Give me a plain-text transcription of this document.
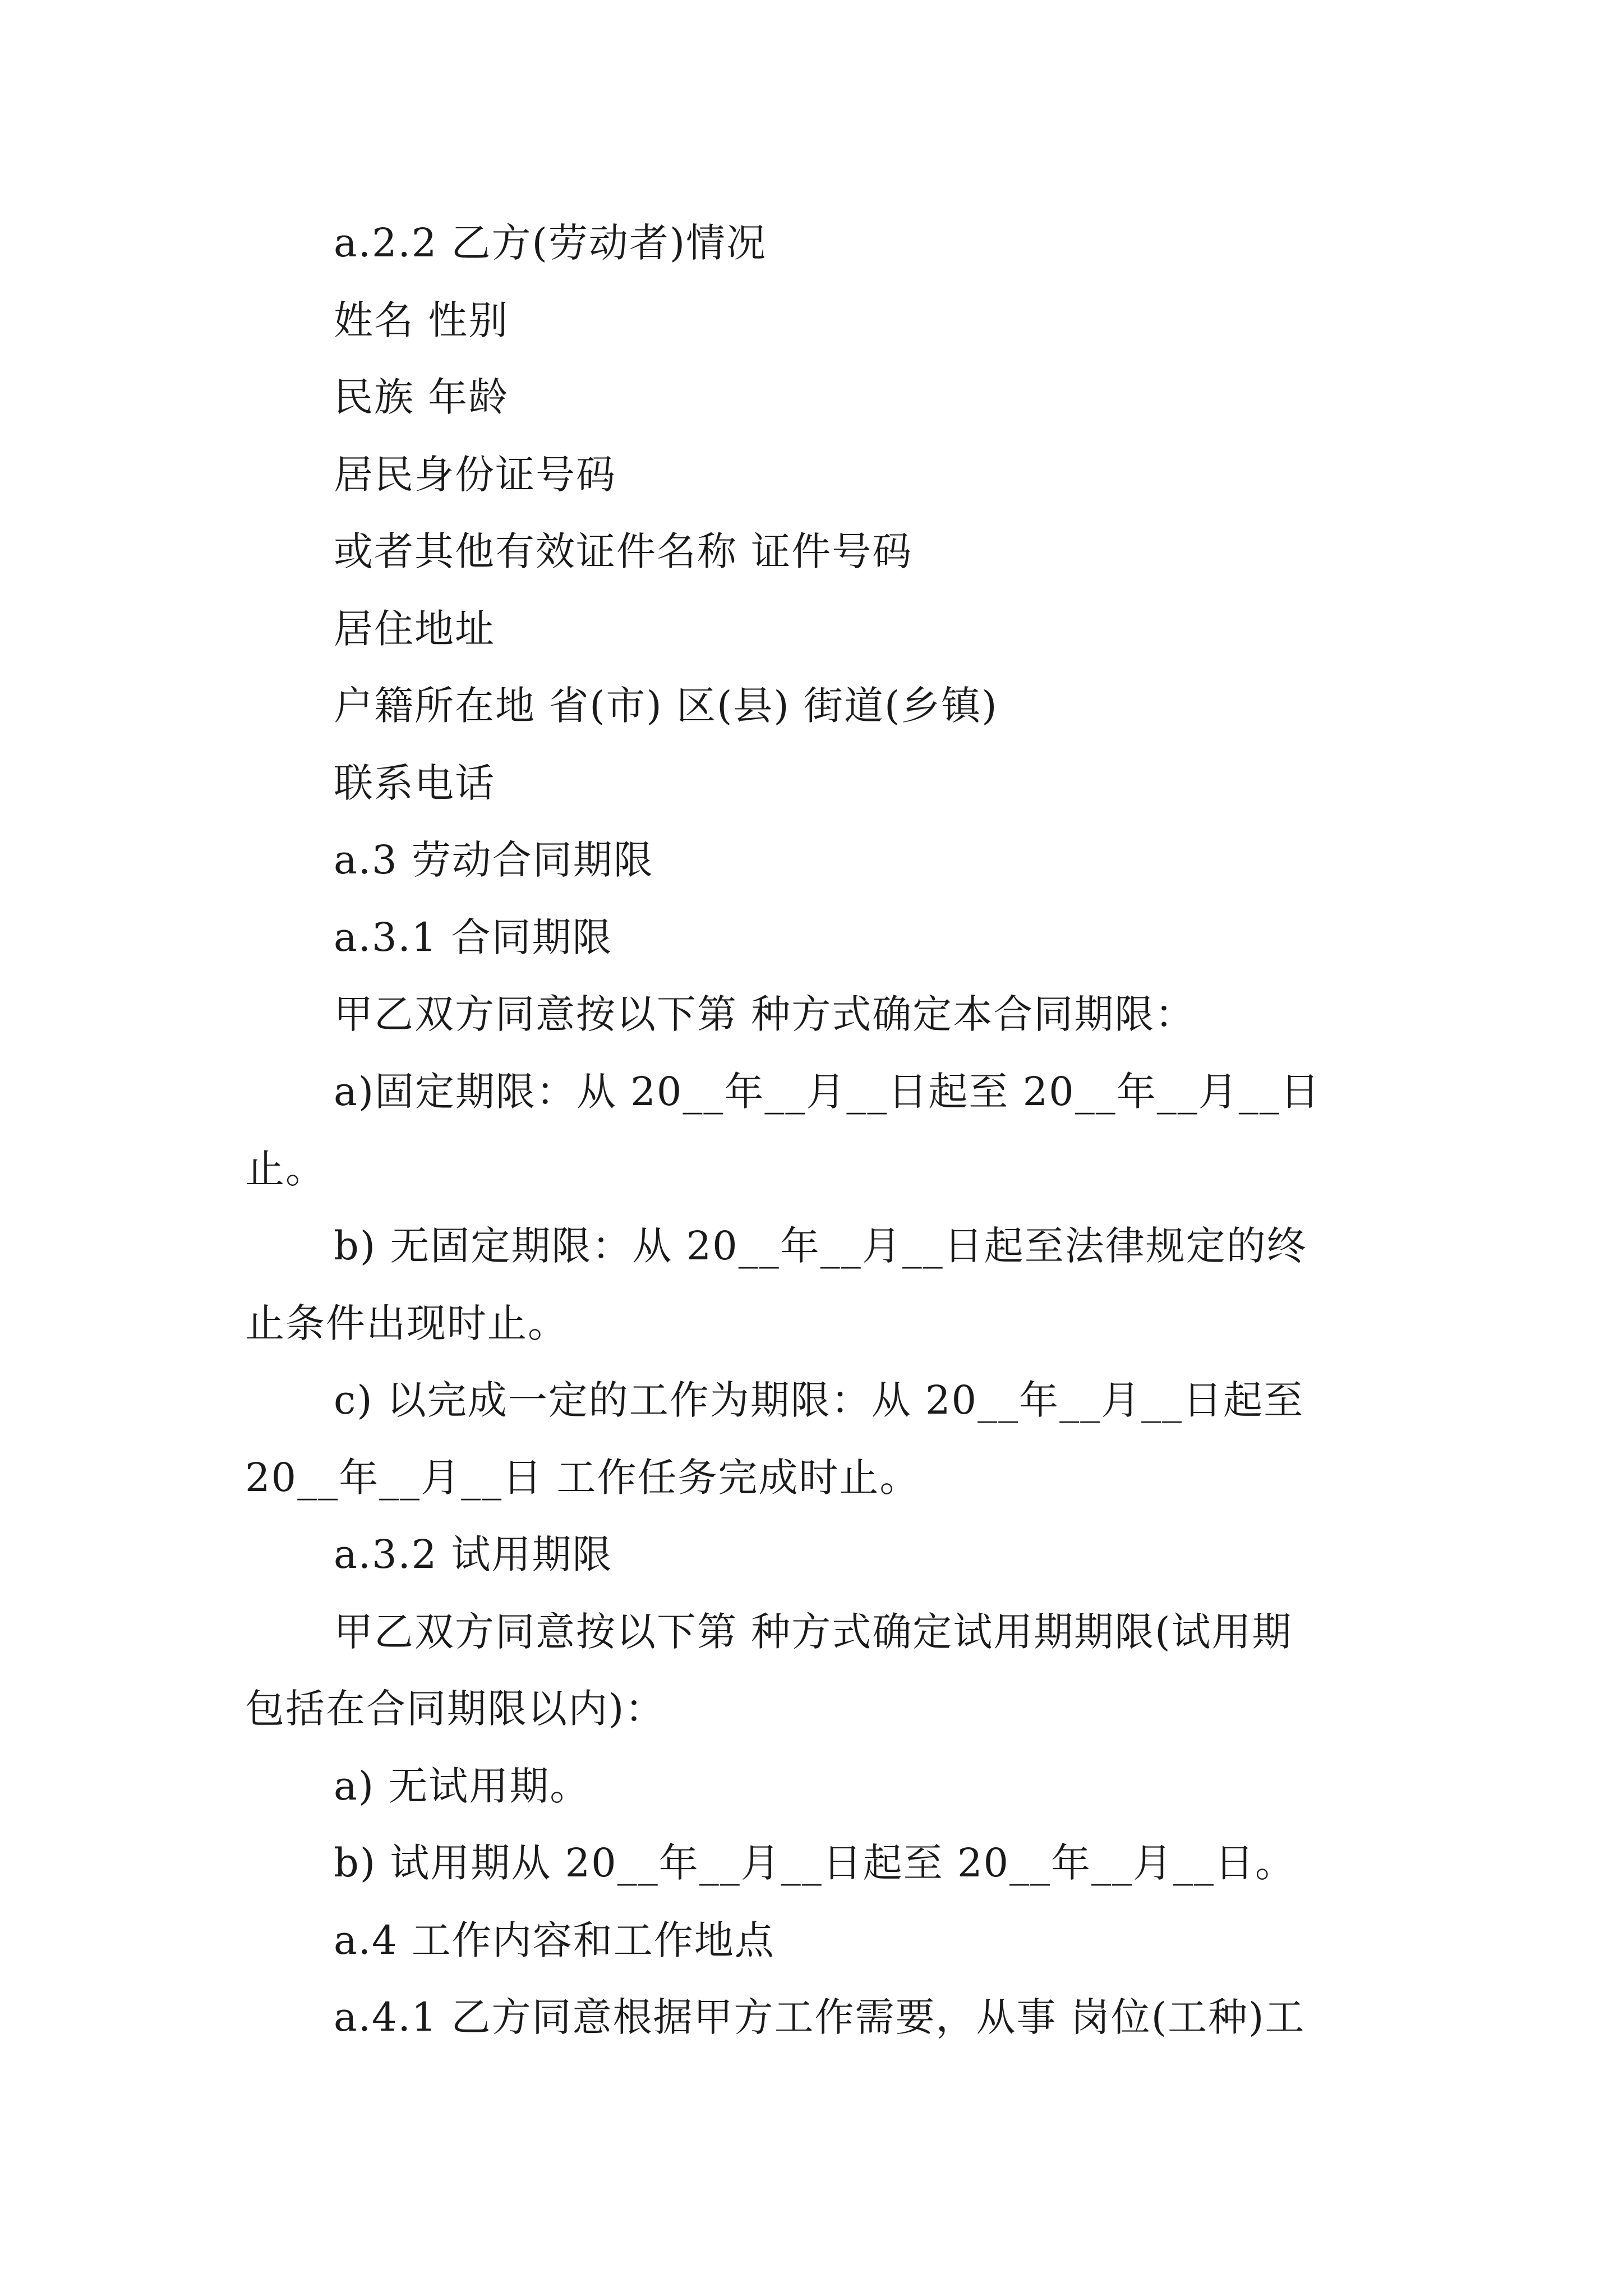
a.2.2 乙方(劳动者)情况
姓名 性别
民族 年龄
居民身份证号码
或者其他有效证件名称 证件号码
居住地址
户籍所在地 省(市) 区(县) 街道(乡镇)
联系电话
a.3 劳动合同期限
a.3.1 合同期限
甲乙双方同意按以下第 种方式确定本合同期限：
a)固定期限：从 20__年__月__日起至 20__年__月__日
止。
b) 无固定期限：从 20__年__月__日起至法律规定的终
止条件出现时止。
c) 以完成一定的工作为期限：从 20__年__月__日起至
20__年__月__日 工作任务完成时止。
a.3.2 试用期限
甲乙双方同意按以下第 种方式确定试用期期限(试用期
包括在合同期限以内)：
a) 无试用期。
b) 试用期从 20__年__月__日起至 20__年__月__日。
a.4 工作内容和工作地点
a.4.1 乙方同意根据甲方工作需要，从事 岗位(工种)工
